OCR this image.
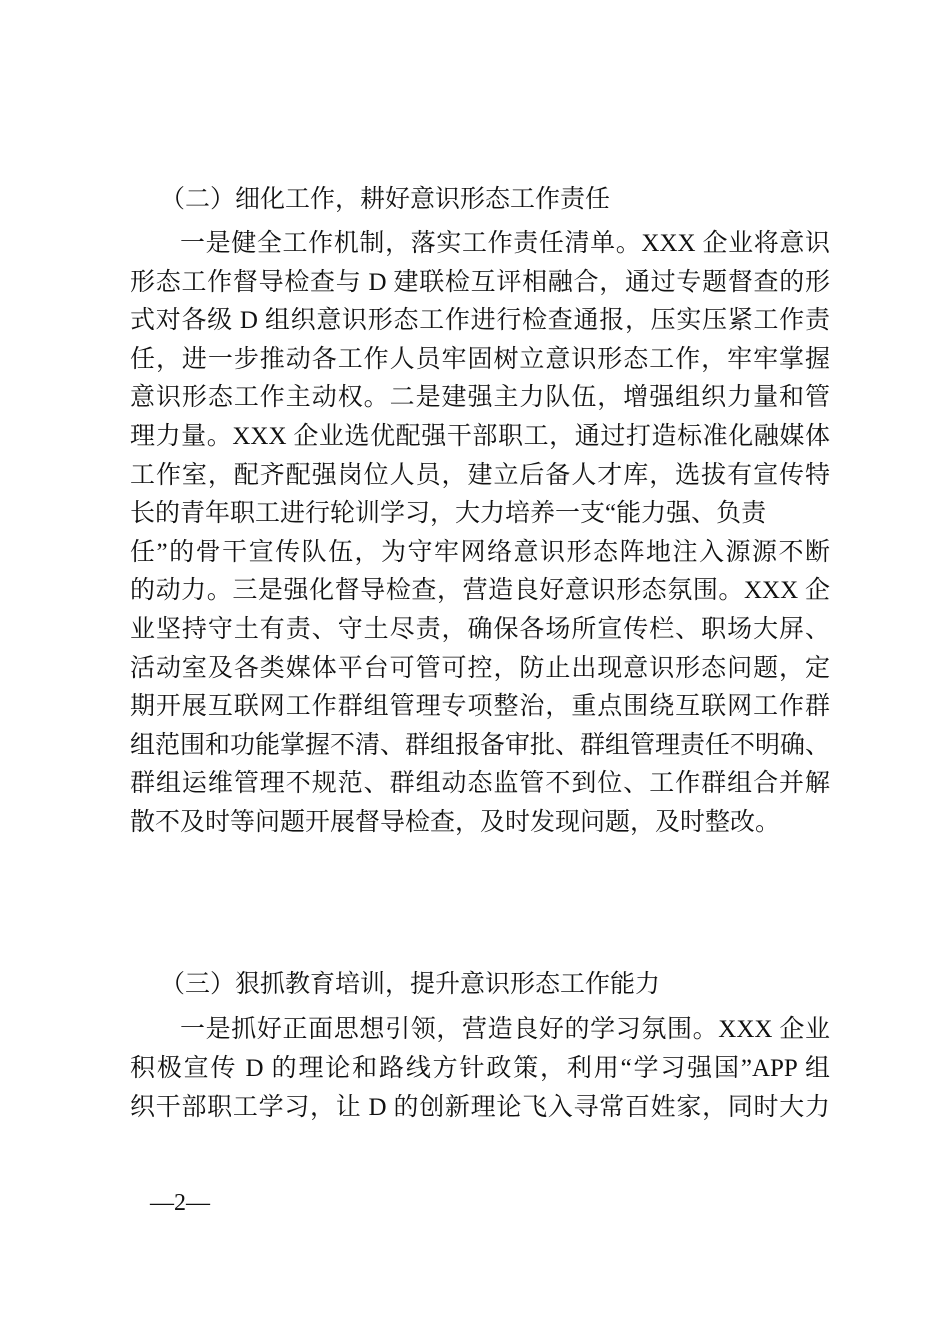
（二）细化工作，耕好意识形态工作责任
一是健全工作机制，落实工作责任清单。XXX 企业将意识
形态工作督导检查与 D 建联检互评相融合，通过专题督查的形
式对各级 D 组织意识形态工作进行检查通报，压实压紧工作责
任，进一步推动各工作人员牢固树立意识形态工作，牢牢掌握
意识形态工作主动权。二是建强主力队伍，增强组织力量和管
理力量。XXX 企业选优配强干部职工，通过打造标准化融媒体
工作室，配齐配强岗位人员，建立后备人才库，选拔有宣传特
长的青年职工进行轮训学习，大力培养一支“能力强、负责
任”的骨干宣传队伍，为守牢网络意识形态阵地注入源源不断
的动力。三是强化督导检查，营造良好意识形态氛围。XXX 企
业坚持守土有责、守土尽责，确保各场所宣传栏、职场大屏、
活动室及各类媒体平台可管可控，防止出现意识形态问题，定
期开展互联网工作群组管理专项整治，重点围绕互联网工作群
组范围和功能掌握不清、群组报备审批、群组管理责任不明确、
群组运维管理不规范、群组动态监管不到位、工作群组合并解
散不及时等问题开展督导检查，及时发现问题，及时整改。
（三）狠抓教育培训，提升意识形态工作能力
一是抓好正面思想引领，营造良好的学习氛围。XXX 企业
积极宣传 D 的理论和路线方针政策，利用“学习强国”APP 组
织干部职工学习，让 D 的创新理论飞入寻常百姓家，同时大力
—2—
